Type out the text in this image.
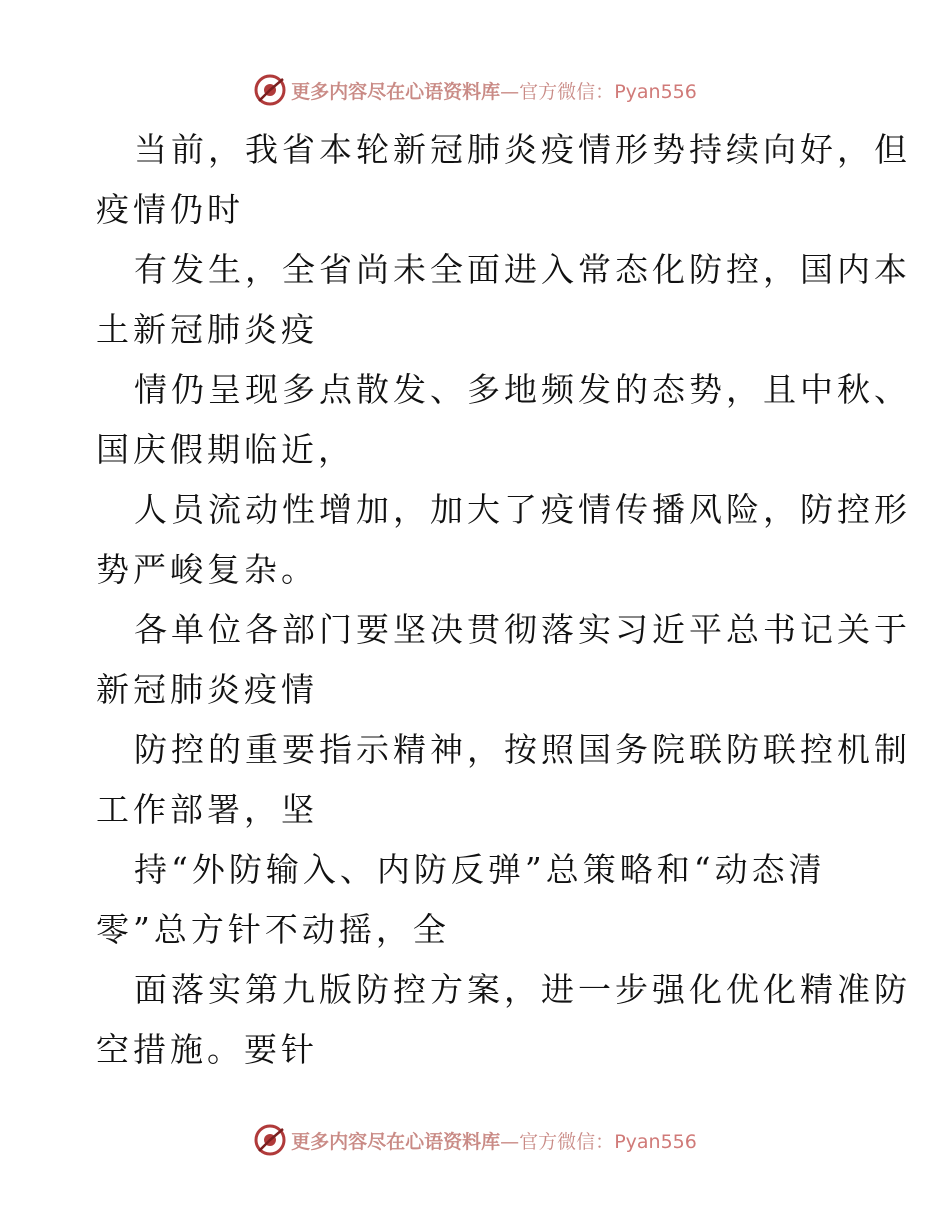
更多内容尽在心语资料库—官方微信：Pyan556

当前，我省本轮新冠肺炎疫情形势持续向好，但
疫情仍时

有发生，全省尚未全面进入常态化防控，国内本
土新冠肺炎疫

情仍呈现多点散发、多地频发的态势，且中秋、
国庆假期临近，

人员流动性增加，加大了疫情传播风险，防控形
势严峻复杂。

各单位各部门要坚决贯彻落实习近平总书记关于
新冠肺炎疫情

防控的重要指示精神，按照国务院联防联控机制
工作部署，坚

持“外防输入、内防反弹”总策略和“动态清
零”总方针不动摇，全

面落实第九版防控方案，进一步强化优化精准防
空措施。要针

更多内容尽在心语资料库—官方微信：Pyan556
